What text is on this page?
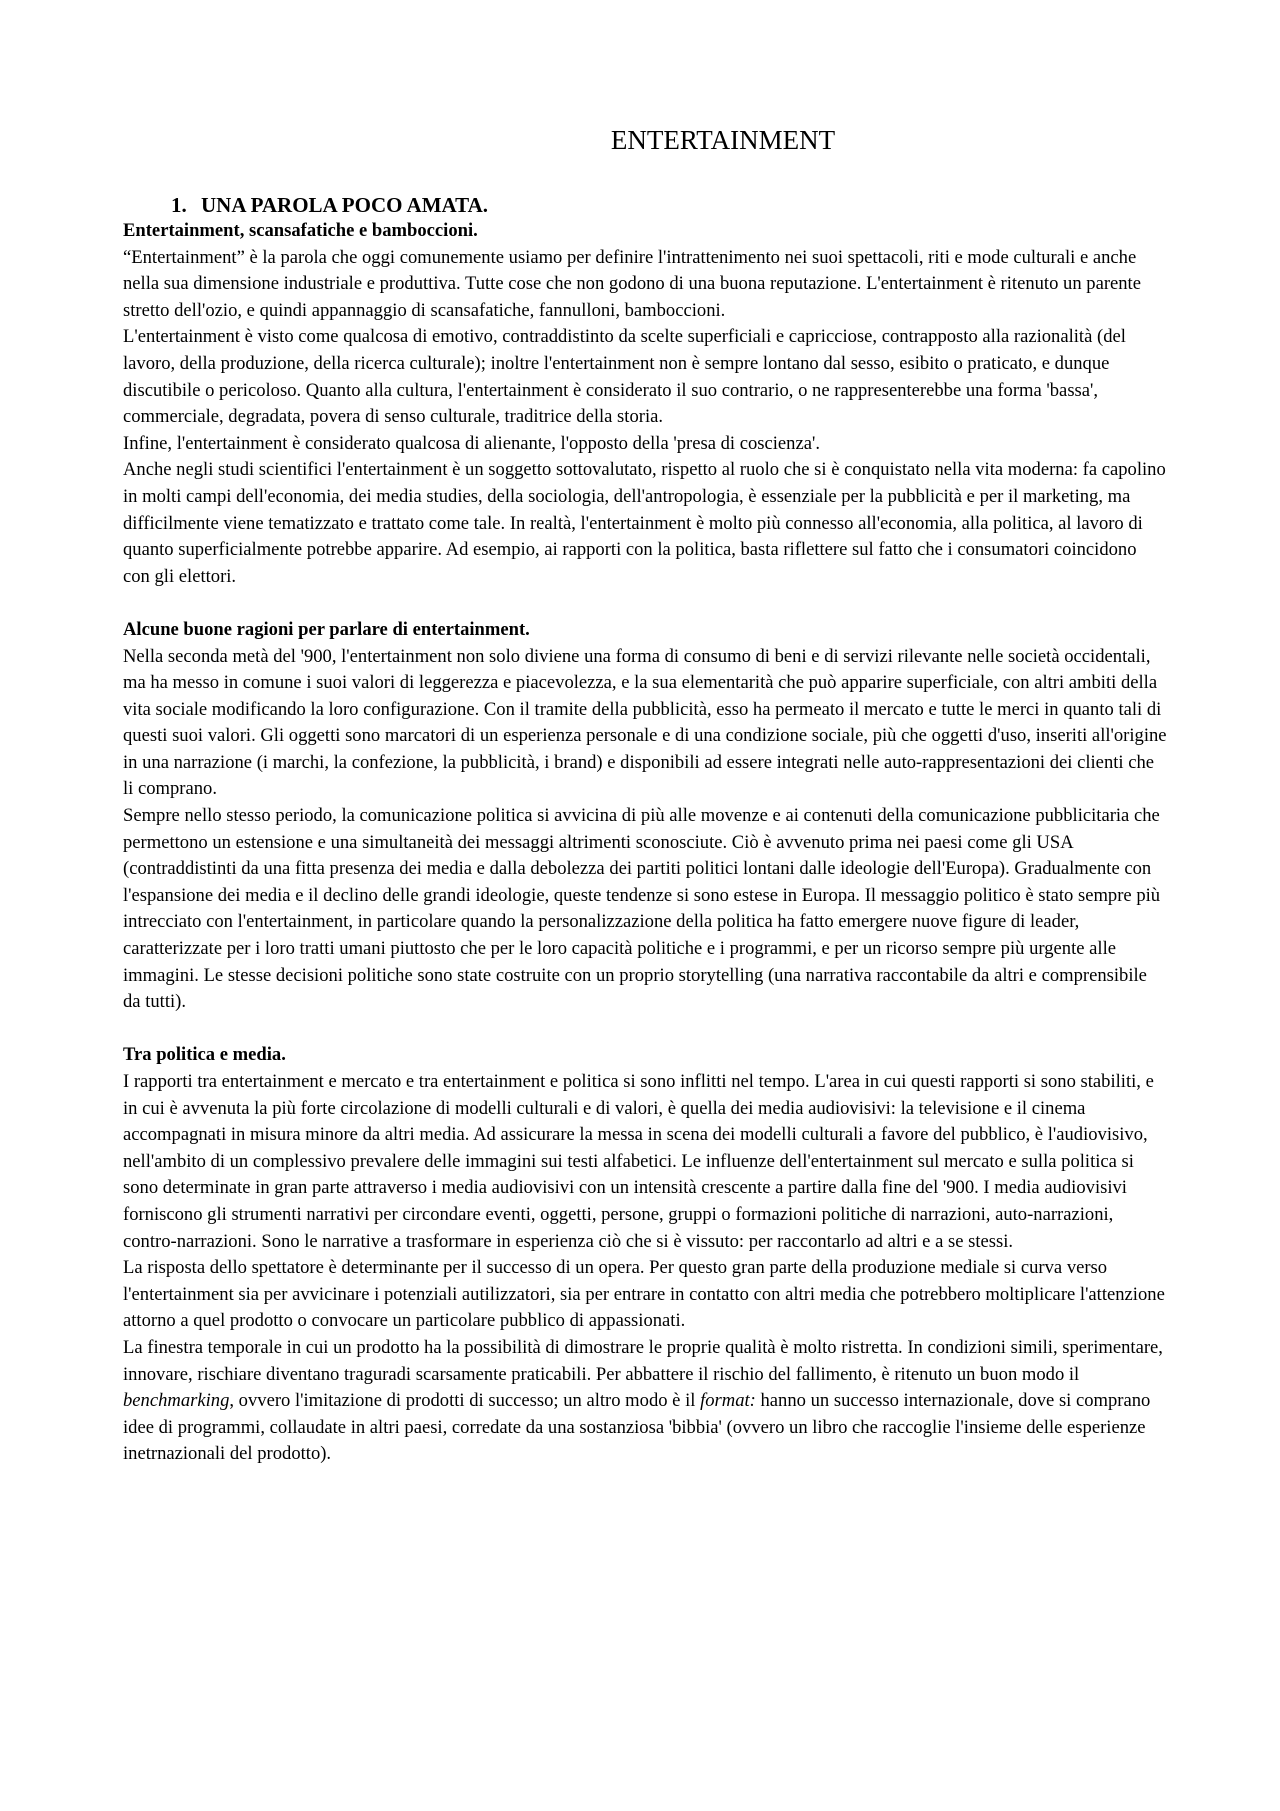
ENTERTAINMENT

1. UNA PAROLA POCO AMATA.

Entertainment, scansafatiche e bamboccioni.

“Entertainment” è la parola che oggi comunemente usiamo per definire l'intrattenimento nei suoi spettacoli, riti e mode culturali e anche nella sua dimensione industriale e produttiva. Tutte cose che non godono di una buona reputazione. L'entertainment è ritenuto un parente stretto dell'ozio, e quindi appannaggio di scansafatiche, fannulloni, bamboccioni.

L'entertainment è visto come qualcosa di emotivo, contraddistinto da scelte superficiali e capricciose, contrapposto alla razionalità (del lavoro, della produzione, della ricerca culturale); inoltre l'entertainment non è sempre lontano dal sesso, esibito o praticato, e dunque discutibile o pericoloso. Quanto alla cultura, l'entertainment è considerato il suo contrario, o ne rappresenterebbe una forma 'bassa', commerciale, degradata, povera di senso culturale, traditrice della storia.

Infine, l'entertainment è considerato qualcosa di alienante, l'opposto della 'presa di coscienza'.

Anche negli studi scientifici l'entertainment è un soggetto sottovalutato, rispetto al ruolo che si è conquistato nella vita moderna: fa capolino in molti campi dell'economia, dei media studies, della sociologia, dell'antropologia, è essenziale per la pubblicità e per il marketing, ma difficilmente viene tematizzato e trattato come tale. In realtà, l'entertainment è molto più connesso all'economia, alla politica, al lavoro di quanto superficialmente potrebbe apparire. Ad esempio, ai rapporti con la politica, basta riflettere sul fatto che i consumatori coincidono con gli elettori.

Alcune buone ragioni per parlare di entertainment.

Nella seconda metà del '900, l'entertainment non solo diviene una forma di consumo di beni e di servizi rilevante nelle società occidentali, ma ha messo in comune i suoi valori di leggerezza e piacevolezza, e la sua elementarità che può apparire superficiale, con altri ambiti della vita sociale modificando la loro configurazione. Con il tramite della pubblicità, esso ha permeato il mercato e tutte le merci in quanto tali di questi suoi valori. Gli oggetti sono marcatori di un esperienza personale e di una condizione sociale, più che oggetti d'uso, inseriti all'origine in una narrazione (i marchi, la confezione, la pubblicità, i brand) e disponibili ad essere integrati nelle auto-rappresentazioni dei clienti che li comprano.

Sempre nello stesso periodo, la comunicazione politica si avvicina di più alle movenze e ai contenuti della comunicazione pubblicitaria che permettono un estensione e una simultaneità dei messaggi altrimenti sconosciute. Ciò è avvenuto prima nei paesi come gli USA (contraddistinti da una fitta presenza dei media e dalla debolezza dei partiti politici lontani dalle ideologie dell'Europa). Gradualmente con l'espansione dei media e il declino delle grandi ideologie, queste tendenze si sono estese in Europa. Il messaggio politico è stato sempre più intrecciato con l'entertainment, in particolare quando la personalizzazione della politica ha fatto emergere nuove figure di leader, caratterizzate per i loro tratti umani piuttosto che per le loro capacità politiche e i programmi, e per un ricorso sempre più urgente alle immagini. Le stesse decisioni politiche sono state costruite con un proprio storytelling (una narrativa raccontabile da altri e comprensibile da tutti).

Tra politica e media.

I rapporti tra entertainment e mercato e tra entertainment e politica si sono inflitti nel tempo. L'area in cui questi rapporti si sono stabiliti, e in cui è avvenuta la più forte circolazione di modelli culturali e di valori, è quella dei media audiovisivi: la televisione e il cinema accompagnati in misura minore da altri media. Ad assicurare la messa in scena dei modelli culturali a favore del pubblico, è l'audiovisivo, nell'ambito di un complessivo prevalere delle immagini sui testi alfabetici. Le influenze dell'entertainment sul mercato e sulla politica si sono determinate in gran parte attraverso i media audiovisivi con un intensità crescente a partire dalla fine del '900. I media audiovisivi forniscono gli strumenti narrativi per circondare eventi, oggetti, persone, gruppi o formazioni politiche di narrazioni, auto-narrazioni, contro-narrazioni. Sono le narrative a trasformare in esperienza ciò che si è vissuto: per raccontarlo ad altri e a se stessi.

La risposta dello spettatore è determinante per il successo di un opera. Per questo gran parte della produzione mediale si curva verso l'entertainment sia per avvicinare i potenziali autilizzatori, sia per entrare in contatto con altri media che potrebbero moltiplicare l'attenzione attorno a quel prodotto o convocare un particolare pubblico di appassionati.

La finestra temporale in cui un prodotto ha la possibilità di dimostrare le proprie qualità è molto ristretta. In condizioni simili, sperimentare, innovare, rischiare diventano traguradi scarsamente praticabili. Per abbattere il rischio del fallimento, è ritenuto un buon modo il benchmarking, ovvero l'imitazione di prodotti di successo; un altro modo è il format: hanno un successo internazionale, dove si comprano idee di programmi, collaudate in altri paesi, corredate da una sostanziosa 'bibbia' (ovvero un libro che raccoglie l'insieme delle esperienze inetrnazionali del prodotto).
